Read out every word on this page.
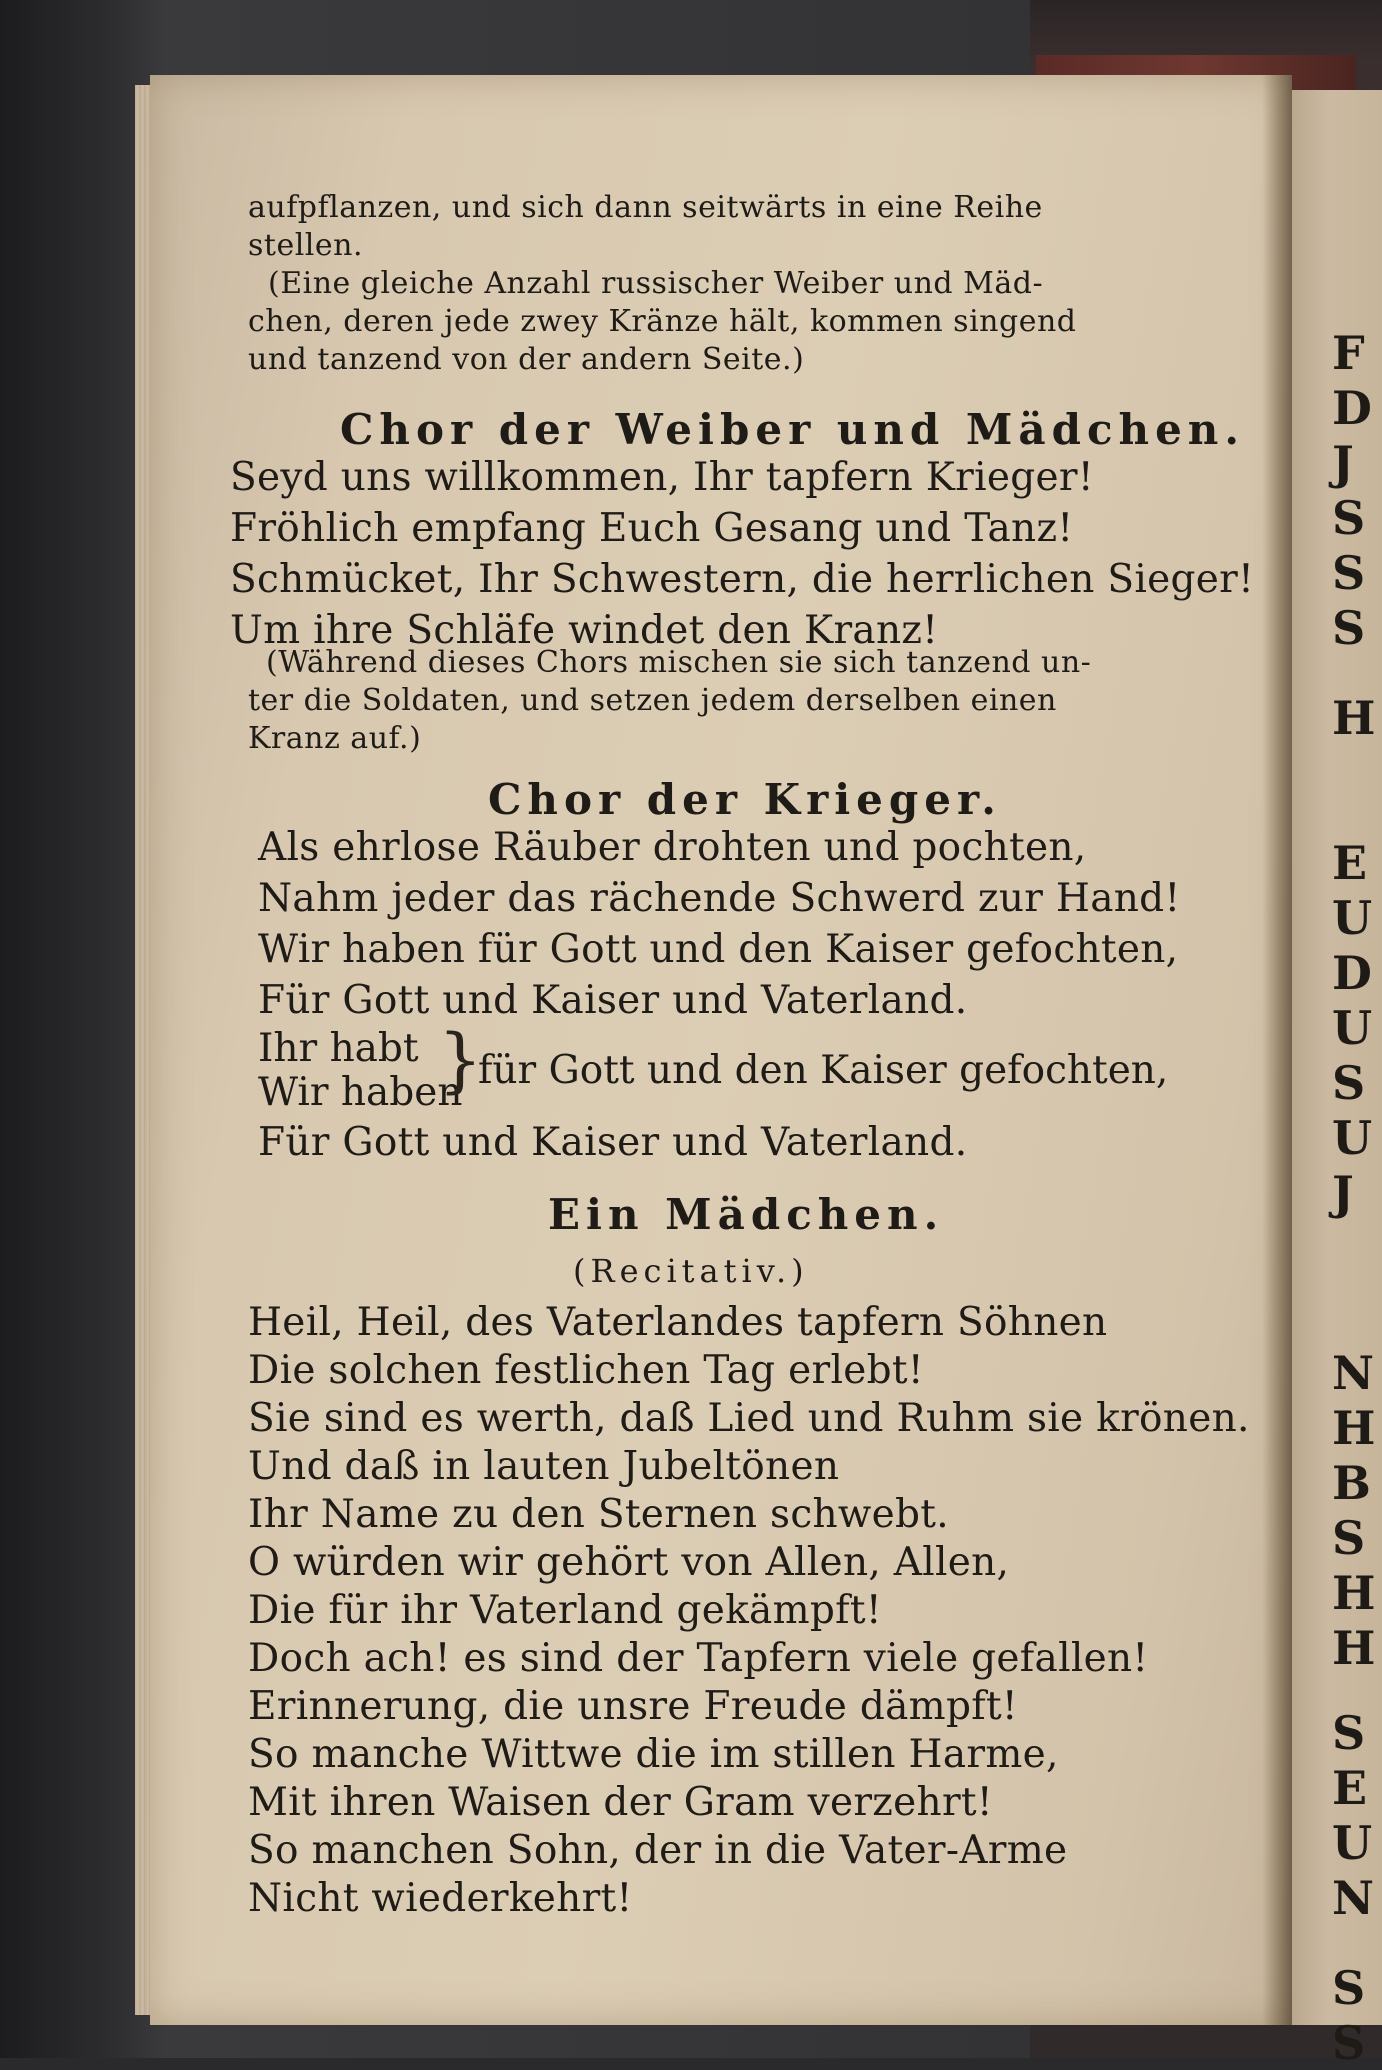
F
D
J
S
S
S
H
E
U
D
U
S
U
J
N
H
B
S
H
H
S
E
U
N
S
S
aufpflanzen, und sich dann seitwärts in eine Reihe
stellen.
(Eine gleiche Anzahl russischer Weiber und Mäd-
chen, deren jede zwey Kränze hält, kommen singend
und tanzend von der andern Seite.)
Chor der Weiber und Mädchen.
Seyd uns willkommen, Ihr tapfern Krieger!
Fröhlich empfang Euch Gesang und Tanz!
Schmücket, Ihr Schwestern, die herrlichen Sieger!
Um ihre Schläfe windet den Kranz!
(Während dieses Chors mischen sie sich tanzend un-
ter die Soldaten, und setzen jedem derselben einen
Kranz auf.)
Chor der Krieger.
Als ehrlose Räuber drohten und pochten,
Nahm jeder das rächende Schwerd zur Hand!
Wir haben für Gott und den Kaiser gefochten,
Für Gott und Kaiser und Vaterland.
Ihr habt
Wir haben
}
für Gott und den Kaiser gefochten,
Für Gott und Kaiser und Vaterland.
Ein Mädchen.
(Recitativ.)
Heil, Heil, des Vaterlandes tapfern Söhnen
Die solchen festlichen Tag erlebt!
Sie sind es werth, daß Lied und Ruhm sie krönen.
Und daß in lauten Jubeltönen
Ihr Name zu den Sternen schwebt.
O würden wir gehört von Allen, Allen,
Die für ihr Vaterland gekämpft!
Doch ach! es sind der Tapfern viele gefallen!
Erinnerung, die unsre Freude dämpft!
So manche Wittwe die im stillen Harme,
Mit ihren Waisen der Gram verzehrt!
So manchen Sohn, der in die Vater-Arme
Nicht wiederkehrt!
